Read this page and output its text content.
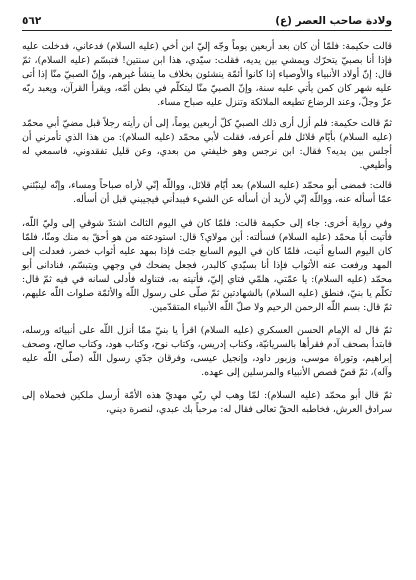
ولادة صاحب العصر (ع)
٥٦٢

قالت حكيمة: فلمّا أن كان بعد أربعين يوماً وجّه إليّ ابن أخي (عليه السلام) فدعاني، فدخلت عليه فإذا أنا بصبيّ يتحرّك ويمشي بين يديه، فقلت: سيّدي، هذا ابن سنتين! فتبسّم (عليه السلام)، ثمّ قال: إنّ أولاد الأنبياء والأوصياء إذا كانوا أئمّة ينشئون بخلاف ما ينشأ غيرهم، وإنّ الصبيّ منّا إذا أتى عليه شهر كان كمن يأتي عليه سنة، وإنّ الصبيّ منّا ليتكلّم في بطن أمّه، ويقرأ القرآن، ويعبد ربّه عزّ وجلّ، وعند الرضاع تطيعه الملائكة وتنزل عليه صباح مساء.

ثمّ قالت حكيمة: فلم أزل أرى ذلك الصبيّ كلّ أربعين يوماً، إلى أن رأيته رجلاً قبل مضيّ أبي محمّد (عليه السلام) بأيّام قلائل فلم أعرفه، فقلت لأبي محمّد (عليه السلام): من هذا الذي تأمرني أن أجلس بين يديه؟ فقال: ابن نرجس وهو خليفتي من بعدي، وعن قليل تفقدوني، فاسمعي له وأطيعي.

قالت: فمضى أبو محمّد (عليه السلام) بعد أيّام قلائل، وواللّه إنّي لأراه صباحاً ومساء، وإنّه لينبّئني عمّا أسأله عنه، وواللّه إنّي لأريد أن أسأله عن الشيء فيبدأني فيجيبني قبل أن أسأله.

وفي رواية أخرى: جاء إلى حكيمة قالت: فلمّا كان في اليوم الثالث اشتدّ شوقي إلى وليّ اللّه، فأتيت أبا محمّد (عليه السلام) فسألته: أين مولاي؟ قال: استودعته من هو أحقّ به منك ومنّا، فلمّا كان اليوم السابع أتيت، فلمّا كان في اليوم السابع جئت فإذا بمهد عليه أثواب خضر، فعدلت إلى المهد ورفعت عنه الأثواب فإذا أنا بسيّدي كالبدر، فجعل يضحك في وجهي ويتبسّم، فنادانى أبو محمّد (عليه السلام): يا عمّتي، هلمّي فتاي إليّ، فأتيته به، فتناوله فأدلى لسانه في فيه ثمّ قال: تكلّم يا بنيّ، فنطق (عليه السلام) بالشهادتين ثمّ صلّى على رسول اللّه والأئمّة صلوات اللّه عليهم، ثمّ قال: بسم اللّه الرحمن الرحيم ولا صلّ اللّه الأنبياء المتقدّمين.

ثمّ قال له الإمام الحسن العسكري (عليه السلام) اقرأ يا بنيّ ممّا أنزل اللّه على أنبيائه ورسله، فابتدأ بصحف آدم فقرأها بالسريانيّة، وكتاب إدريس، وكتاب نوح، وكتاب هود، وكتاب صالح، وصحف إبراهيم، وتوراة موسى، وزبور داود، وإنجيل عيسى، وفرقان جدّي رسول اللّه (صلّى اللّه عليه وآله)، ثمّ قصّ قصص الأنبياء والمرسلين إلى عهده.

ثمّ قال أبو محمّد (عليه السلام): لمّا وهب لي ربّي مهديّ هذه الأمّة أرسل ملكين فحملاه إلى سرادق العرش، فخاطبه الحقّ تعالى فقال له: مرحباً بك عبدي، لنصرة ديني،
